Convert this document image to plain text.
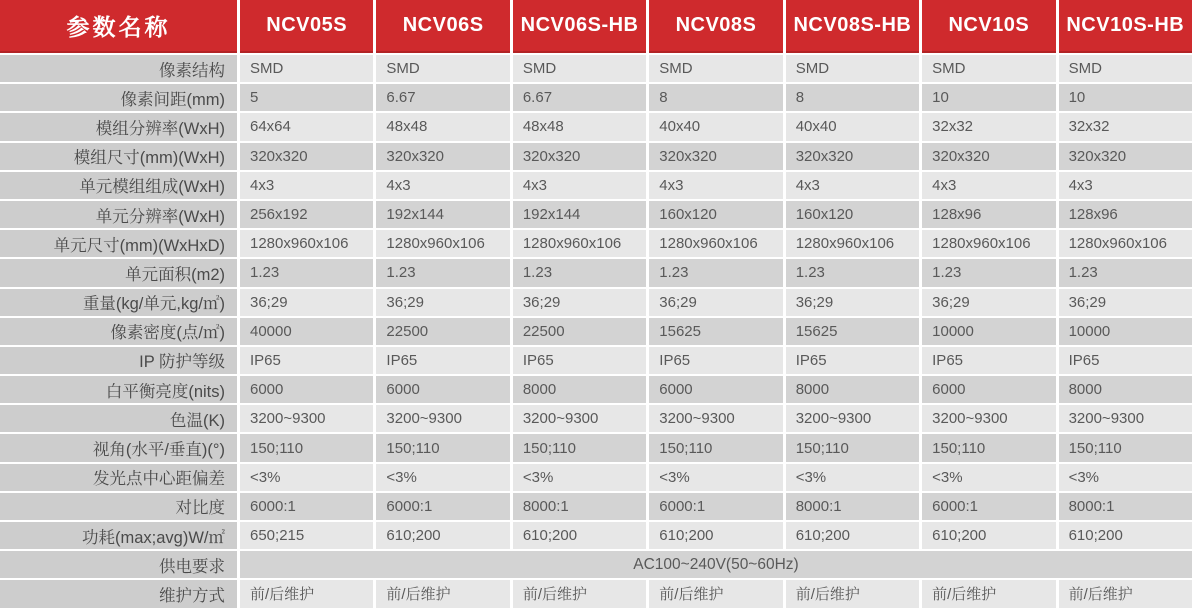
参数名称	NCV05S	NCV06S	NCV06S-HB	NCV08S	NCV08S-HB	NCV10S	NCV10S-HB
像素结构	SMD	SMD	SMD	SMD	SMD	SMD	SMD
像素间距(mm)	5	6.67	6.67	8	8	10	10
模组分辨率(WxH)	64x64	48x48	48x48	40x40	40x40	32x32	32x32
模组尺寸(mm)(WxH)	320x320	320x320	320x320	320x320	320x320	320x320	320x320
单元模组组成(WxH)	4x3	4x3	4x3	4x3	4x3	4x3	4x3
单元分辨率(WxH)	256x192	192x144	192x144	160x120	160x120	128x96	128x96
单元尺寸(mm)(WxHxD)	1280x960x106	1280x960x106	1280x960x106	1280x960x106	1280x960x106	1280x960x106	1280x960x106
单元面积(m2)	1.23	1.23	1.23	1.23	1.23	1.23	1.23
重量(kg/单元,kg/㎡)	36;29	36;29	36;29	36;29	36;29	36;29	36;29
像素密度(点/㎡)	40000	22500	22500	15625	15625	10000	10000
IP 防护等级	IP65	IP65	IP65	IP65	IP65	IP65	IP65
白平衡亮度(nits)	6000	6000	8000	6000	8000	6000	8000
色温(K)	3200~9300	3200~9300	3200~9300	3200~9300	3200~9300	3200~9300	3200~9300
视角(水平/垂直)(°)	150;110	150;110	150;110	150;110	150;110	150;110	150;110
发光点中心距偏差	<3%	<3%	<3%	<3%	<3%	<3%	<3%
对比度	6000:1	6000:1	8000:1	6000:1	8000:1	6000:1	8000:1
功耗(max;avg)W/㎡	650;215	610;200	610;200	610;200	610;200	610;200	610;200
供电要求	AC100~240V(50~60Hz)
维护方式	前/后维护	前/后维护	前/后维护	前/后维护	前/后维护	前/后维护	前/后维护
